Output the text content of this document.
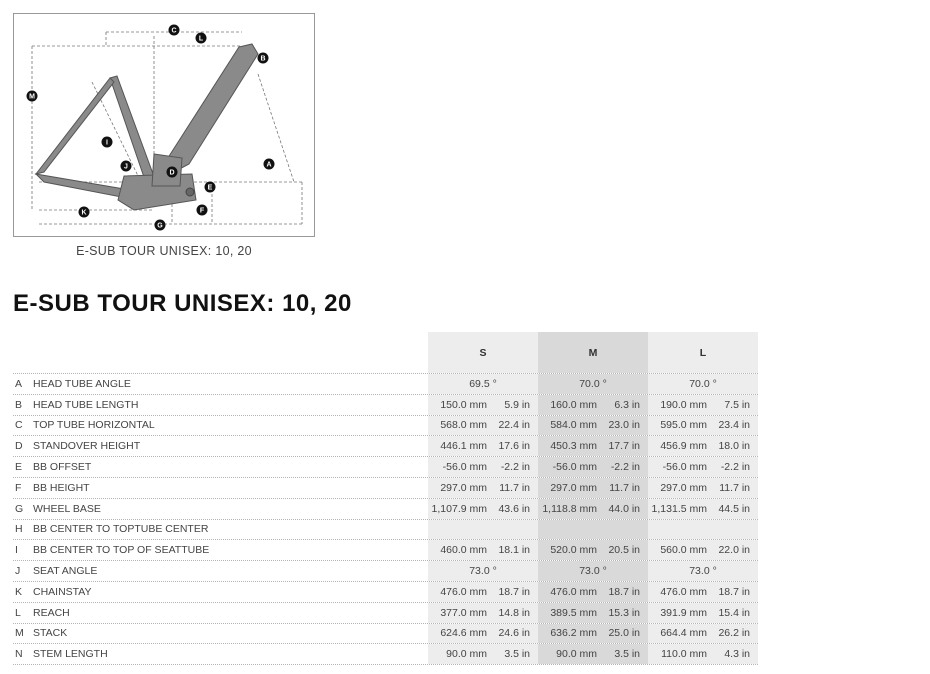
C
L
B
M
I
J
D
A
E
F
K
G
E-SUB TOUR UNISEX: 10, 20
E-SUB TOUR UNISEX: 10, 20
S	M	L
A	HEAD TUBE ANGLE	69.5 °	70.0 °	70.0 °
B	HEAD TUBE LENGTH	150.0 mm	5.9 in	160.0 mm	6.3 in	190.0 mm	7.5 in
C TOP TUBE HORIZONTAL	568.0 mm	22.4 in	584.0 mm	23.0 in	595.0 mm	23.4 in
D STANDOVER HEIGHT	446.1 mm	17.6 in	450.3 mm	17.7 in	456.9 mm	18.0 in
E	BB OFFSET	-56.0 mm	-2.2 in	-56.0 mm	-2.2 in	-56.0 mm	-2.2 in
F	BB HEIGHT	297.0 mm	11.7 in	297.0 mm	11.7 in	297.0 mm	11.7 in
G WHEEL BASE	1,107.9 mm	43.6 in	1,118.8 mm	44.0 in 1,131.5 mm	44.5 in
H BB CENTER TO TOPTUBE CENTER
I	BB CENTER TO TOP OF SEATTUBE	460.0 mm	18.1 in	520.0 mm	20.5 in	560.0 mm	22.0 in
J	SEAT ANGLE	73.0 °	73.0 °	73.0 °
K	CHAINSTAY	476.0 mm	18.7 in	476.0 mm	18.7 in	476.0 mm	18.7 in
L	REACH	377.0 mm	14.8 in	389.5 mm	15.3 in	391.9 mm	15.4 in
M STACK	624.6 mm	24.6 in	636.2 mm	25.0 in	664.4 mm	26.2 in
N STEM LENGTH	90.0 mm	3.5 in	90.0 mm	3.5 in	110.0 mm	4.3 in
